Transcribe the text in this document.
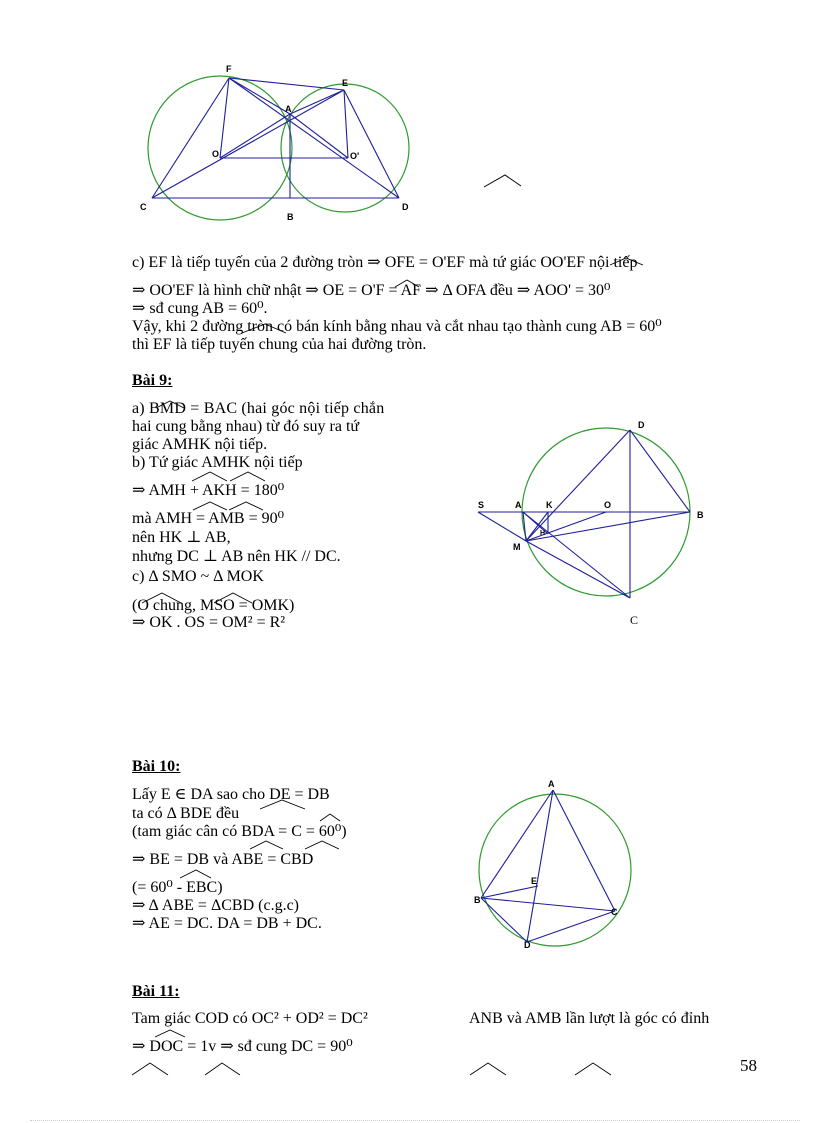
F
E
A
O	O'
C
B
D
S	A	K	O
B
D
M
H
C
A
B
E
C
D
c) EF là tiếp tuyến của 2 đường tròn ⇒ OFE = O'EF mà tứ giác OO'EF nội tiếp
⇒ OO'EF là hình chữ nhật ⇒ OE = O'F = AF ⇒ Δ OFA đều ⇒ AOO' = 30⁰
⇒ sđ cung AB = 60⁰.
Vậy, khi 2 đường tròn có bán kính bằng nhau và cắt nhau tạo thành cung AB = 60⁰
thì EF là tiếp tuyến chung của hai đường tròn.
Bài 9:
a) BMD = BAC (hai góc nội tiếp chắn
hai cung bằng nhau) từ đó suy ra tứ
giác AMHK nội tiếp.
b) Tứ giác AMHK nội tiếp
⇒ AMH + AKH = 180⁰
mà AMH = AMB = 90⁰
nên HK ⊥ AB,
nhưng DC ⊥ AB nên HK // DC.
c) Δ SMO ~ Δ MOK
(O chung, MSO = OMK)
⇒ OK . OS = OM² = R²
Bài 10:
Lấy E ∈ DA sao cho DE = DB
ta có Δ BDE đều
(tam giác cân có BDA = C = 60⁰)
⇒ BE = DB và ABE = CBD
(= 60⁰ - EBC)
⇒ Δ ABE = ΔCBD (c.g.c)
⇒ AE = DC. DA = DB + DC.
Bài 11:
Tam giác COD có OC² + OD² = DC²	ANB và AMB lần lượt là góc có đỉnh
⇒ DOC = 1v ⇒ sđ cung DC = 90⁰
58
